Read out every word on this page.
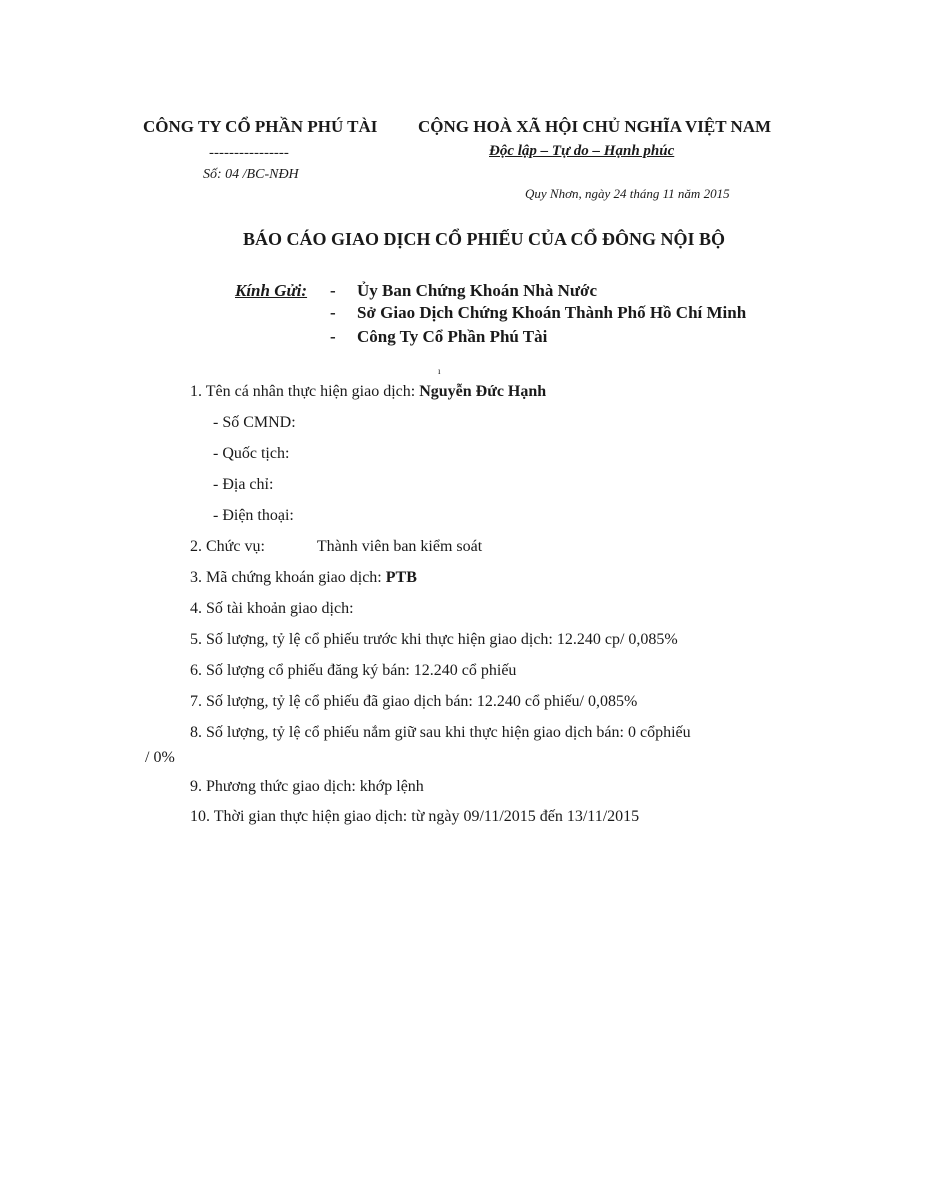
CÔNG TY CỔ PHẦN PHÚ TÀI
----------------
Số: 04 /BC-NĐH
CỘNG HOÀ XÃ HỘI CHỦ NGHĨA VIỆT NAM
Độc lập – Tự do – Hạnh phúc
Quy Nhơn, ngày 24 tháng 11 năm 2015
BÁO CÁO GIAO DỊCH CỔ PHIẾU CỦA CỔ ĐÔNG NỘI BỘ
Kính Gửi: - Ủy Ban Chứng Khoán Nhà Nước
- Sở Giao Dịch Chứng Khoán Thành Phố Hồ Chí Minh
- Công Ty Cổ Phần Phú Tài
ı
1. Tên cá nhân thực hiện giao dịch: Nguyễn Đức Hạnh
- Số CMND:
- Quốc tịch:
- Địa chỉ:
- Điện thoại:
2. Chức vụ:	Thành viên ban kiểm soát
3. Mã chứng khoán giao dịch: PTB
4. Số tài khoản giao dịch:
5. Số lượng, tỷ lệ cổ phiếu trước khi thực hiện giao dịch: 12.240 cp/ 0,085%
6. Số lượng cổ phiếu đăng ký bán: 12.240 cổ phiếu
7. Số lượng, tỷ lệ cổ phiếu đã giao dịch bán: 12.240 cổ phiếu/ 0,085%
8. Số lượng, tỷ lệ cổ phiếu nắm giữ sau khi thực hiện giao dịch bán: 0 cổphiếu
/ 0%
9. Phương thức giao dịch: khớp lệnh
10. Thời gian thực hiện giao dịch: từ ngày 09/11/2015 đến 13/11/2015
